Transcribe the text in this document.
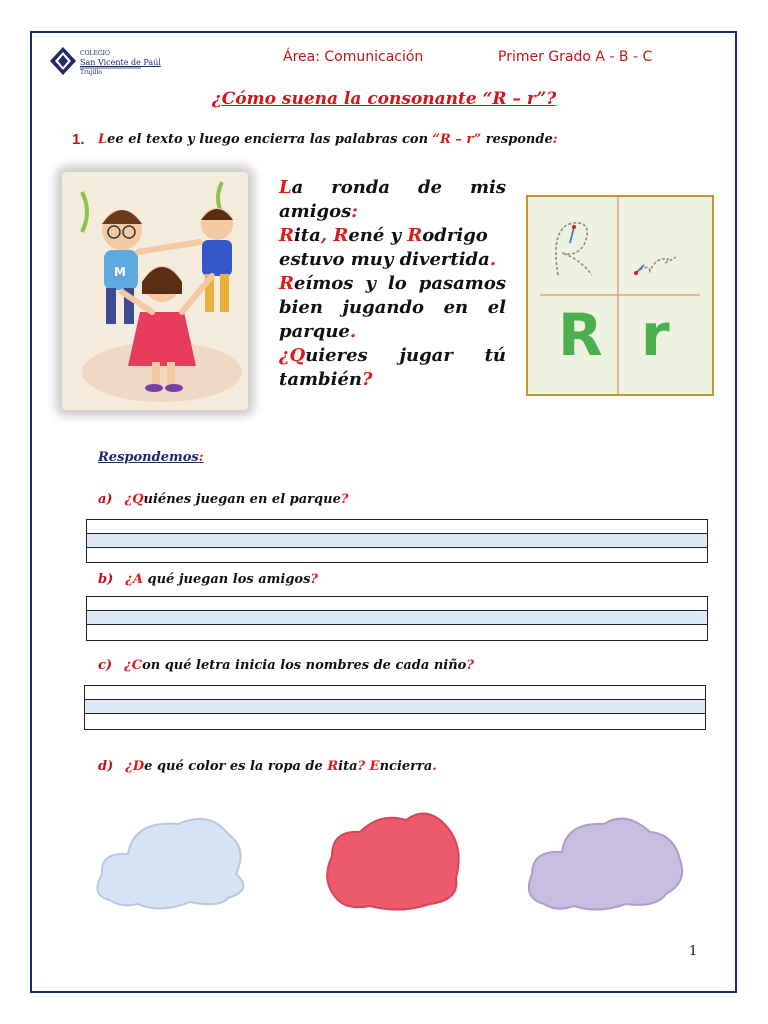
COLEGIO
San Vicente de Paúl
Trujillo
Área: Comunicación	Primer Grado A - B - C
¿Cómo suena la consonante “R – r”?
1. Lee el texto y luego encierra las palabras con “R – r” responde:
M

La ronda de mis amigos:

Rita, René y Rodrigo

estuvo muy divertida.

Reímos y lo pasamos bien jugando en el parque.

¿Quieres jugar tú también?

R r
Respondemos:
a) ¿Quiénes juegan en el parque?
b) ¿A qué juegan los amigos?
c) ¿Con qué letra inicia los nombres de cada niño?
d) ¿De qué color es la ropa de Rita? Encierra.
1
